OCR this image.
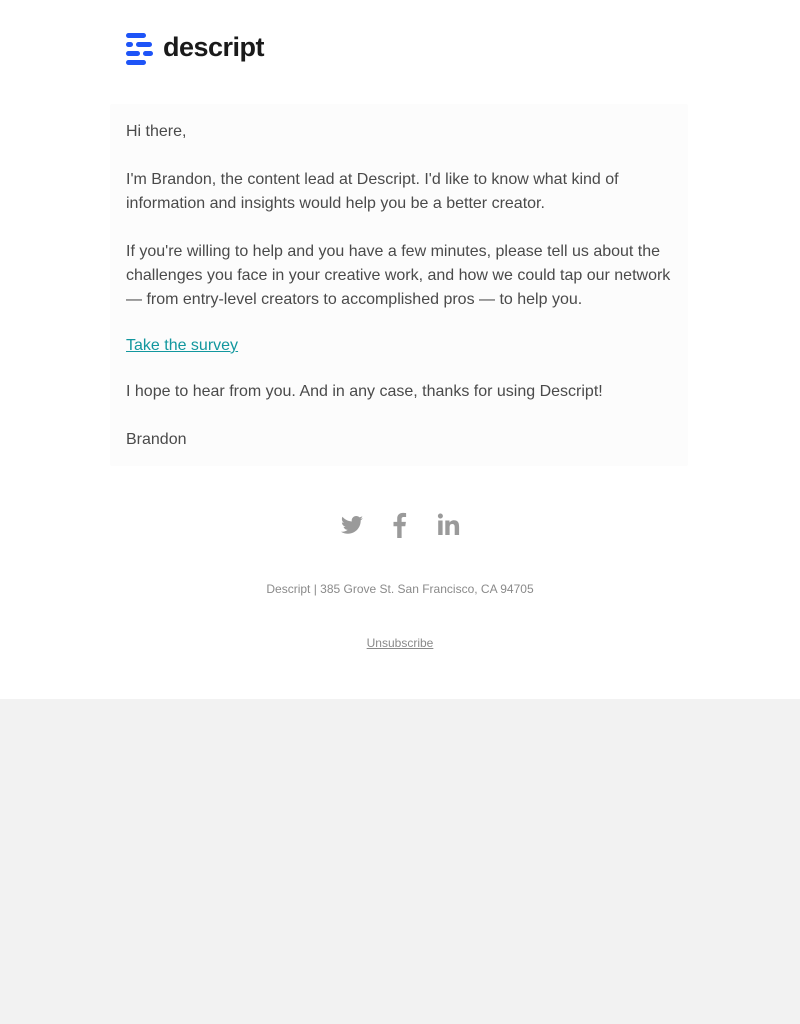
descript

Hi there,

I'm Brandon, the content lead at Descript. I'd like to know what kind of information and insights would help you be a better creator.

If you're willing to help and you have a few minutes, please tell us about the challenges you face in your creative work, and how we could tap our network — from entry-level creators to accomplished pros — to help you.

Take the survey

I hope to hear from you. And in any case, thanks for using Descript!

Brandon

Descript | 385 Grove St. San Francisco, CA 94705
Unsubscribe
